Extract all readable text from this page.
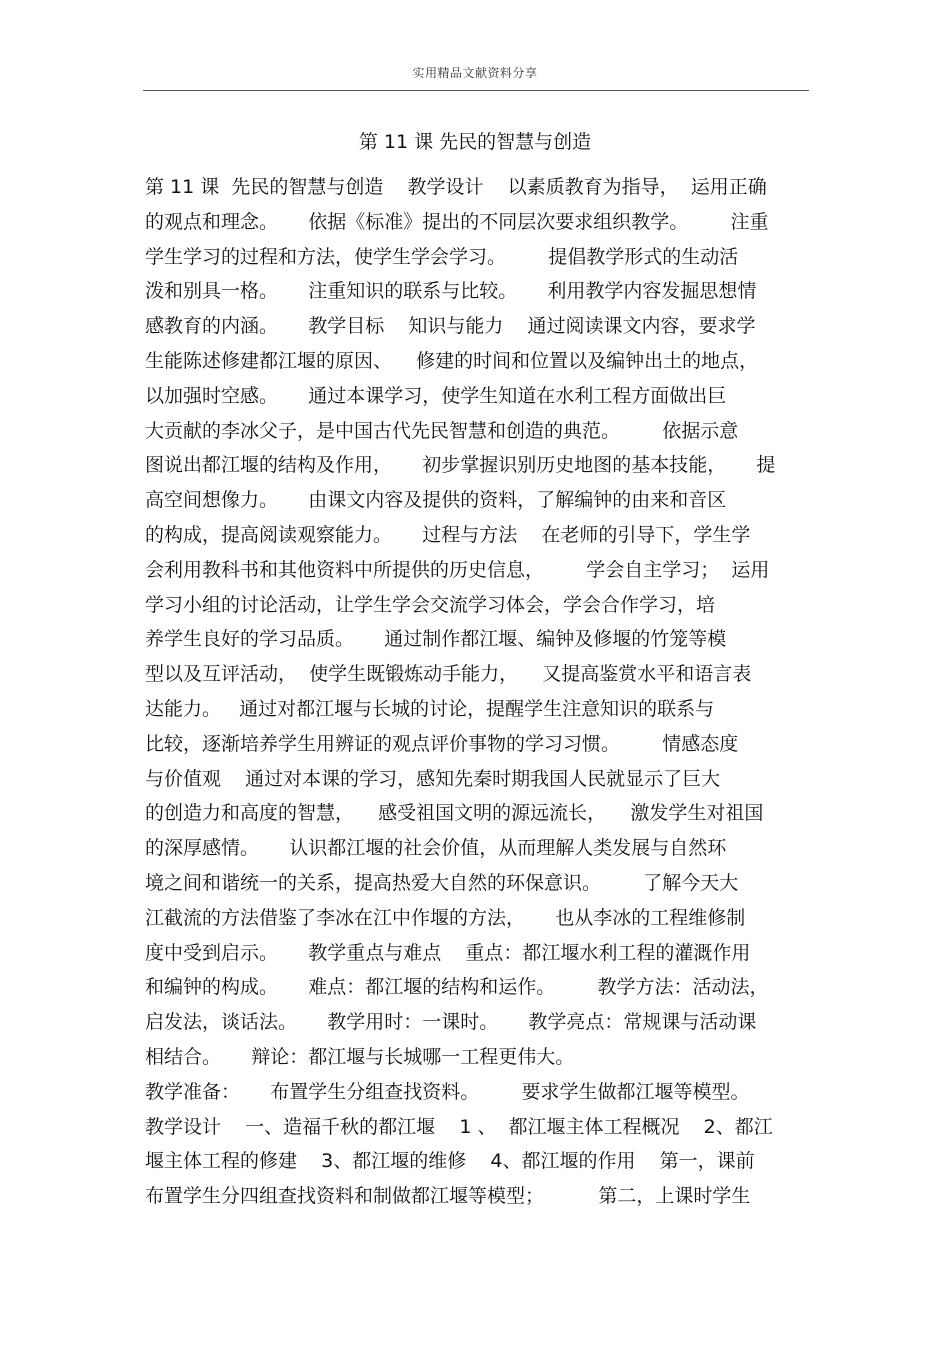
实用精品文献资料分享
第 11 课 先民的智慧与创造
第 11 课  先民的智慧与创造    教学设计    以素质教育为指导，  运用正确
的观点和理念。     依据《标准》提出的不同层次要求组织教学。       注重
学生学习的过程和方法，使学生学会学习。       提倡教学形式的生动活
泼和别具一格。     注重知识的联系与比较。     利用教学内容发掘思想情
感教育的内涵。     教学目标    知识与能力    通过阅读课文内容，要求学
生能陈述修建都江堰的原因、    修建的时间和位置以及编钟出土的地点，
以加强时空感。     通过本课学习，使学生知道在水利工程方面做出巨
大贡献的李冰父子，是中国古代先民智慧和创造的典范。       依据示意
图说出都江堰的结构及作用，     初步掌握识别历史地图的基本技能，     提
高空间想像力。     由课文内容及提供的资料，了解编钟的由来和音区
的构成，提高阅读观察能力。     过程与方法    在老师的引导下，学生学
会利用教科书和其他资料中所提供的历史信息，       学会自主学习；  运用
学习小组的讨论活动，让学生学会交流学习体会，学会合作学习，培
养学生良好的学习品质。     通过制作都江堰、编钟及修堰的竹笼等模
型以及互评活动，  使学生既锻炼动手能力，    又提高鉴赏水平和语言表
达能力。   通过对都江堰与长城的讨论，提醒学生注意知识的联系与
比较，逐渐培养学生用辨证的观点评价事物的学习习惯。       情感态度
与价值观    通过对本课的学习，感知先秦时期我国人民就显示了巨大
的创造力和高度的智慧，    感受祖国文明的源远流长，    激发学生对祖国
的深厚感情。     认识都江堰的社会价值，从而理解人类发展与自然环
境之间和谐统一的关系，提高热爱大自然的环保意识。       了解今天大
江截流的方法借鉴了李冰在江中作堰的方法，     也从李冰的工程维修制
度中受到启示。     教学重点与难点    重点：都江堰水利工程的灌溉作用
和编钟的构成。     难点：都江堰的结构和运作。       教学方法：活动法，
启发法，谈话法。     教学用时：一课时。     教学亮点：常规课与活动课
相结合。     辩论：都江堰与长城哪一工程更伟大。
教学准备：     布置学生分组查找资料。       要求学生做都江堰等模型。
教学设计    一、造福千秋的都江堰    1 、  都江堰主体工程概况    2、都江
堰主体工程的修建    3、都江堰的维修    4、都江堰的作用    第一，课前
布置学生分四组查找资料和制做都江堰等模型；         第二，上课时学生
